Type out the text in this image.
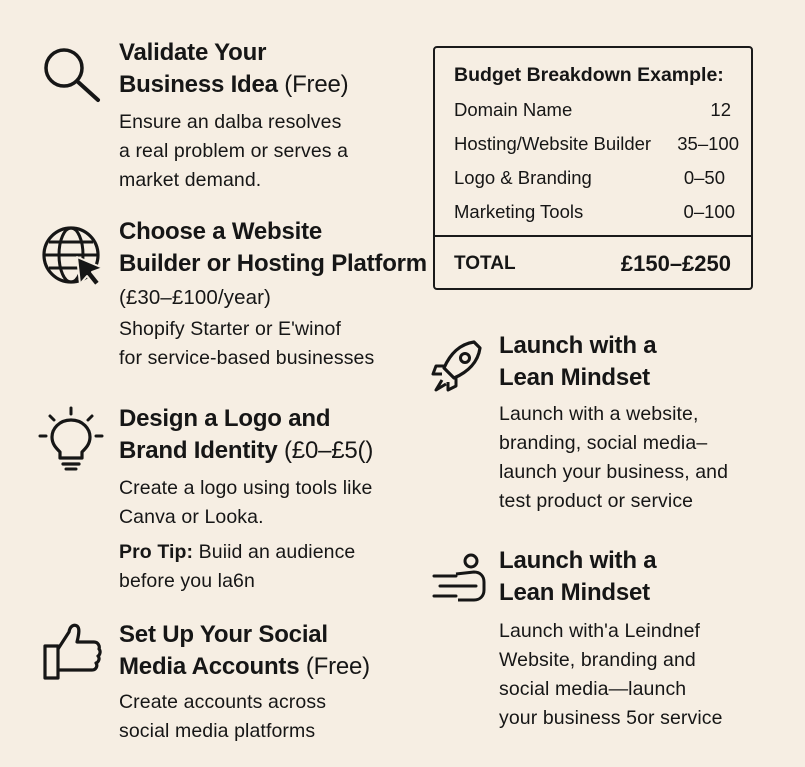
Validate Your
Business Idea (Free)
Ensure an dalba resolves
a real problem or serves a
market demand.
Choose a Website
Builder or Hosting Platform
(£30–£100/year)
Shopify Starter or E'winof
for service-based businesses
Design a Logo and
Brand Identity (£0–£5()
Create a logo using tools like
Canva or Looka.
Pro Tip: Buiid an audience
before you la6n
Set Up Your Social
Media Accounts (Free)
Create accounts across
social media platforms
Budget Breakdown Example:
Domain Name	12
Hosting/Website Builder 35–100
Logo & Branding	0–50
Marketing Tools	0–100
TOTAL	£150–£250
Launch with a
Lean Mindset
Launch with a website,
branding, social media–
launch your business, and
test product or service
Launch with a
Lean Mindset
Launch with'a Leindnef
Website, branding and
social media—launch
your business 5or service
